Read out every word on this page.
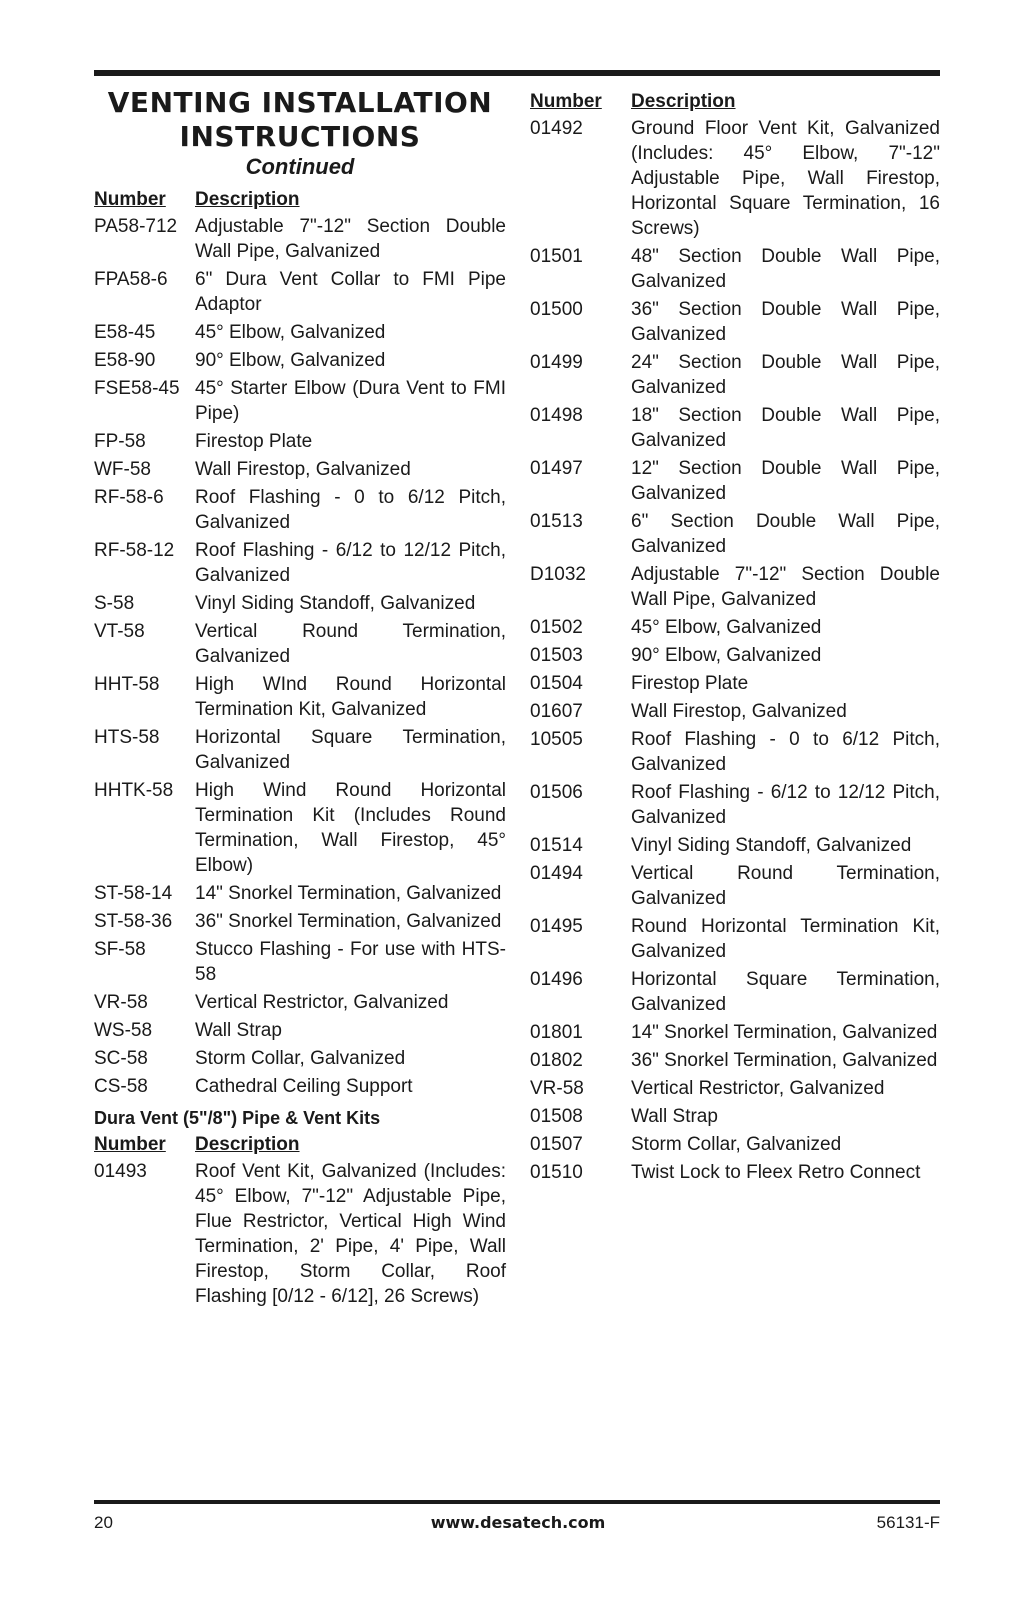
VENTING INSTALLATION
INSTRUCTIONS

Continued

Number	Description
PA58-712 Adjustable 7"-12" Section Double Wall Pipe, Galvanized
FPA58-6	6" Dura Vent Collar to FMI Pipe Adaptor
E58-45	45° Elbow, Galvanized
E58-90	90° Elbow, Galvanized
FSE58-45 45° Starter Elbow (Dura Vent to FMI Pipe)
FP-58	Firestop Plate
WF-58	Wall Firestop, Galvanized
RF-58-6	Roof Flashing - 0 to 6/12 Pitch, Galvanized
RF-58-12	Roof Flashing - 6/12 to 12/12 Pitch, Galvanized
S-58	Vinyl Siding Standoff, Galvanized
VT-58	Vertical Round Termination, Galvanized
HHT-58	High WInd Round Horizontal Termination Kit, Galvanized
HTS-58	Horizontal Square Termination, Galvanized
HHTK-58	High Wind Round Horizontal Termination Kit (Includes Round Termination, Wall Firestop, 45° Elbow)
ST-58-14	14" Snorkel Termination, Galvanized
ST-58-36	36" Snorkel Termination, Galvanized
SF-58	Stucco Flashing - For use with HTS-58
VR-58	Vertical Restrictor, Galvanized
WS-58	Wall Strap
SC-58	Storm Collar, Galvanized
CS-58	Cathedral Ceiling Support
Dura Vent (5"/8") Pipe & Vent Kits
Number	Description
01493	Roof Vent Kit, Galvanized (Includes: 45° Elbow, 7"-12" Adjustable Pipe, Flue Restrictor, Vertical High Wind Termination, 2' Pipe, 4' Pipe, Wall Firestop, Storm Collar, Roof Flashing [0/12 - 6/12], 26 Screws)
Number	Description
01492	Ground Floor Vent Kit, Galvanized (Includes: 45° Elbow, 7"-12" Adjustable Pipe, Wall Firestop, Horizontal Square Termination, 16 Screws)
01501	48" Section Double Wall Pipe, Galvanized
01500	36" Section Double Wall Pipe, Galvanized
01499	24" Section Double Wall Pipe, Galvanized
01498	18" Section Double Wall Pipe, Galvanized
01497	12" Section Double Wall Pipe, Galvanized
01513	6" Section Double Wall Pipe, Galvanized
D1032	Adjustable 7"-12" Section Double Wall Pipe, Galvanized
01502	45° Elbow, Galvanized
01503	90° Elbow, Galvanized
01504	Firestop Plate
01607	Wall Firestop, Galvanized
10505	Roof Flashing - 0 to 6/12 Pitch, Galvanized
01506	Roof Flashing - 6/12 to 12/12 Pitch, Galvanized
01514	Vinyl Siding Standoff, Galvanized
01494	Vertical Round Termination, Galvanized
01495	Round Horizontal Termination Kit, Galvanized
01496	Horizontal Square Termination, Galvanized
01801	14" Snorkel Termination, Galvanized
01802	36" Snorkel Termination, Galvanized
VR-58	Vertical Restrictor, Galvanized
01508	Wall Strap
01507	Storm Collar, Galvanized
01510	Twist Lock to Fleex Retro Connect
20	www.desatech.com	56131-F
